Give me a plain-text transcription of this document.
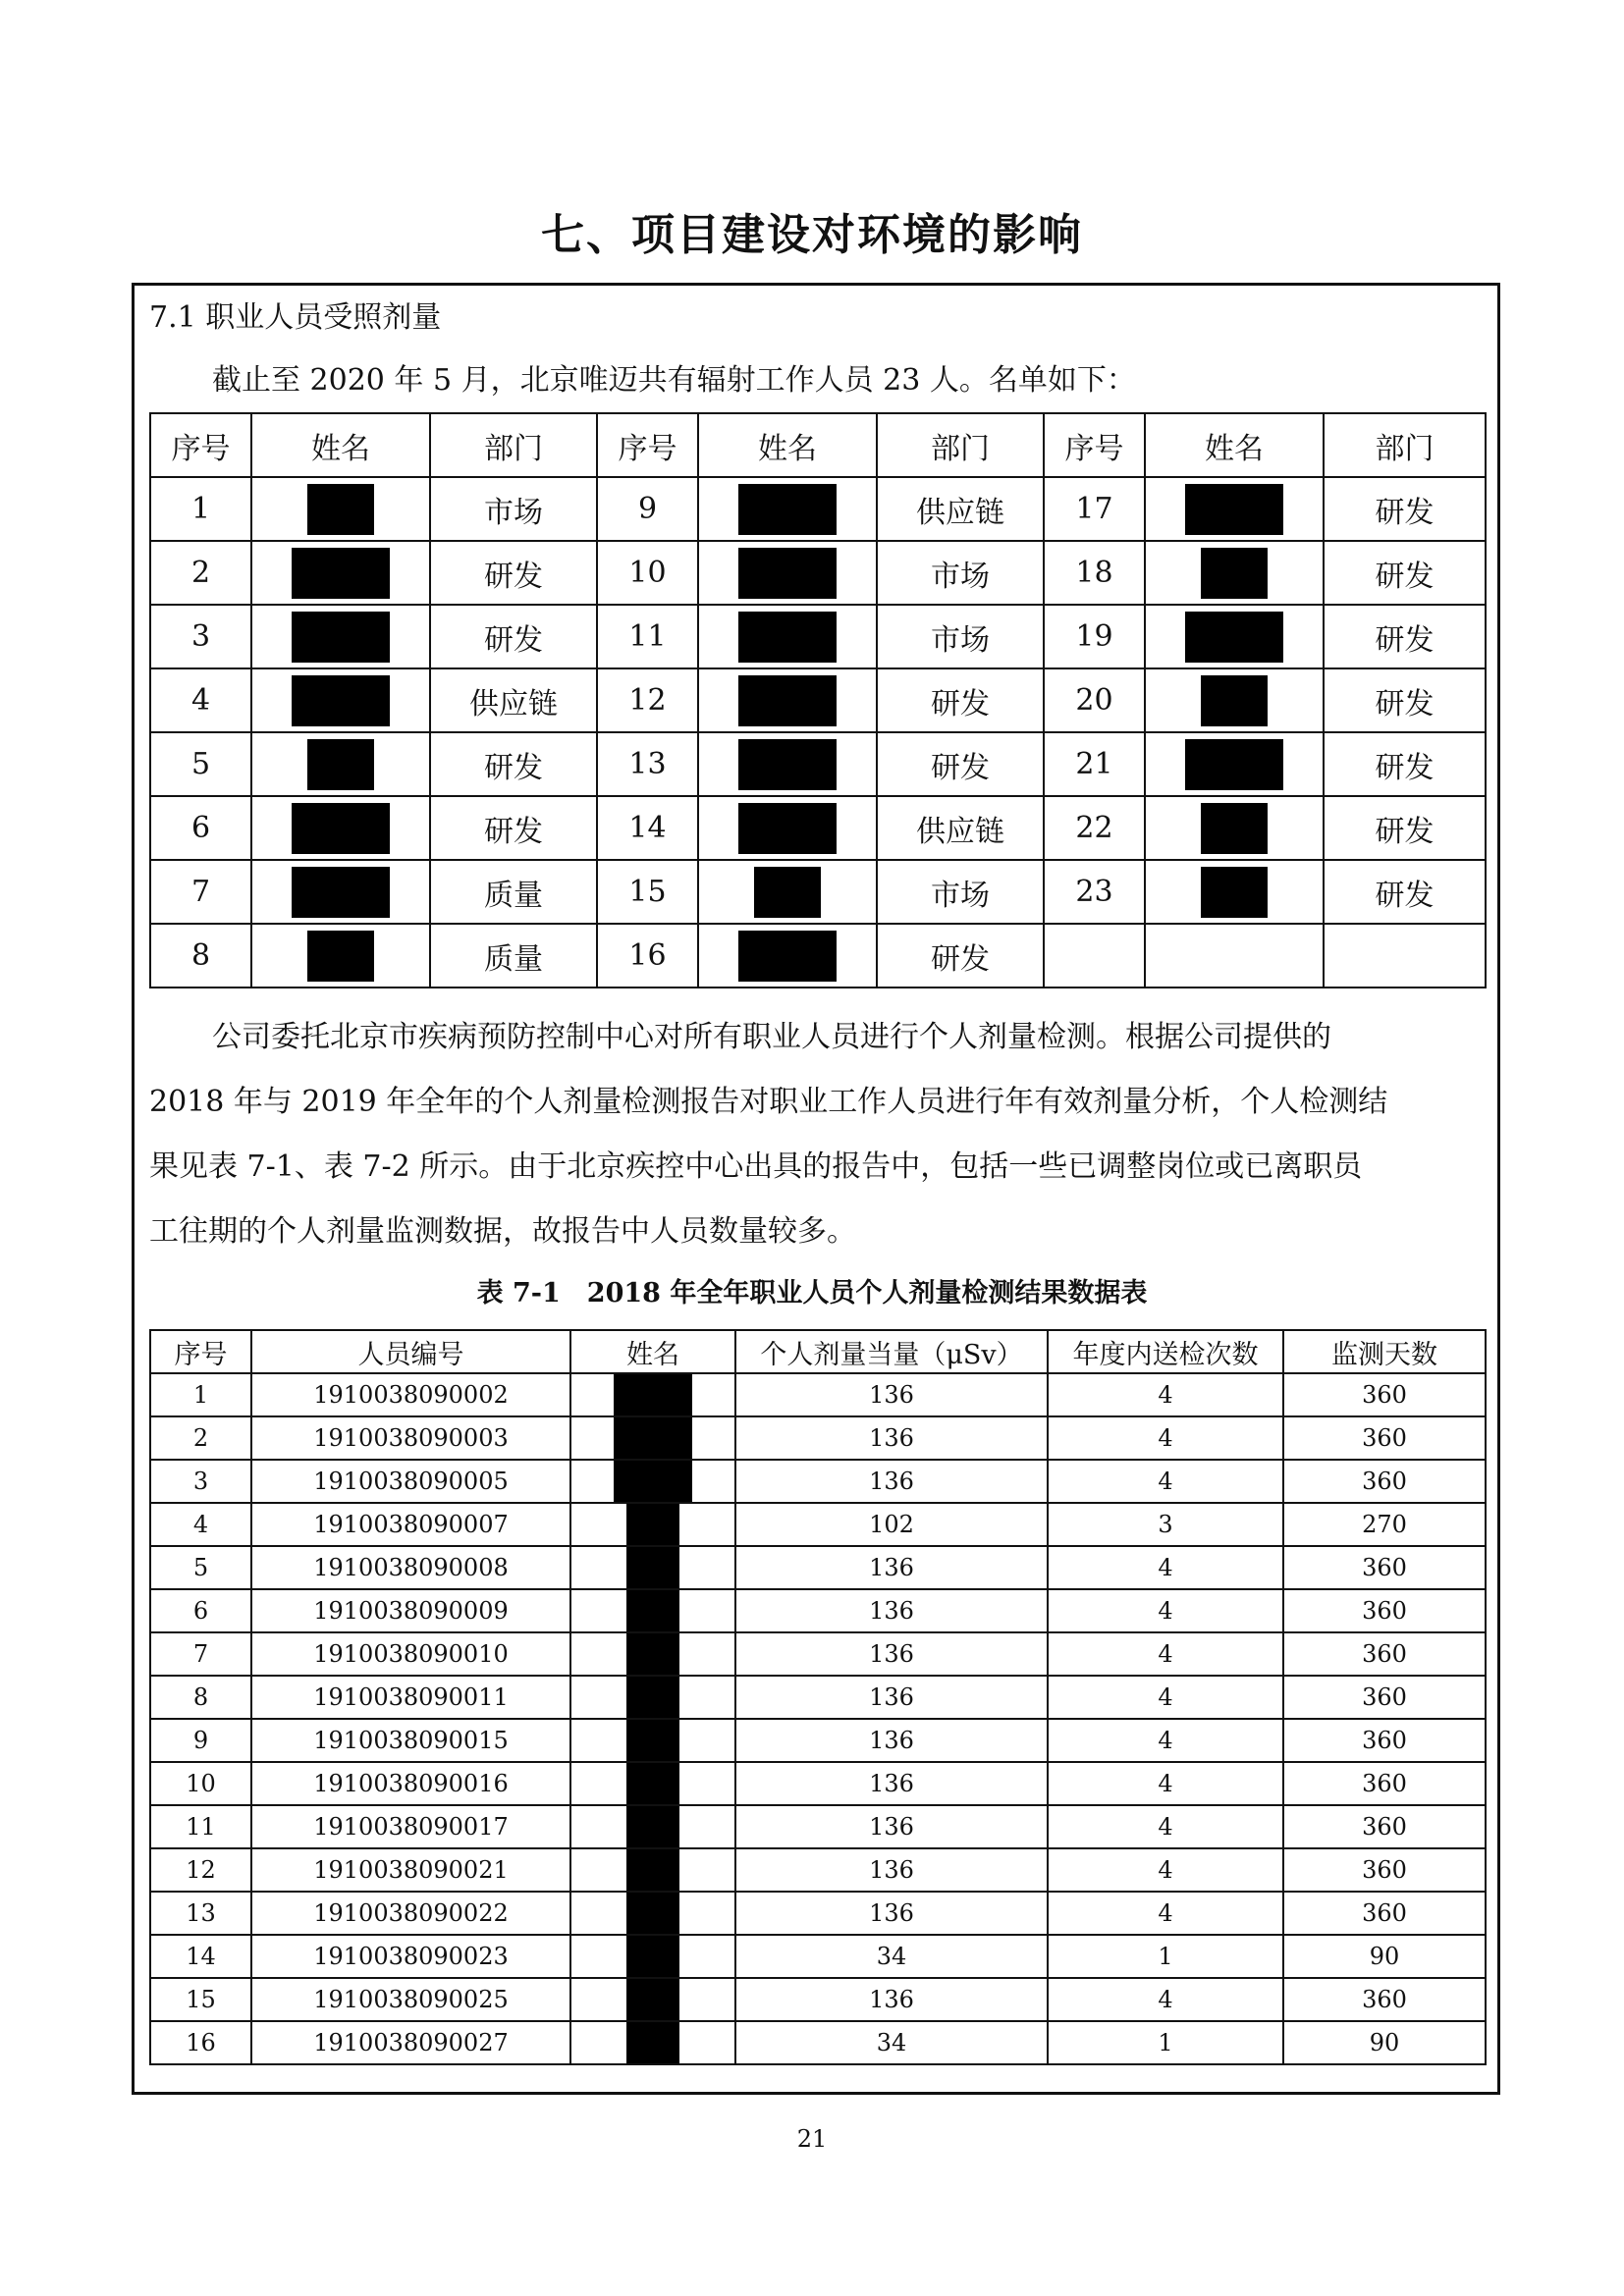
七、项目建设对环境的影响
7.1 职业人员受照剂量
截止至 2020 年 5 月，北京唯迈共有辐射工作人员 23 人。名单如下：
序号	姓名	部门	序号	姓名	部门	序号	姓名	部门
1		市场	9		供应链	17		研发
2		研发	10		市场	18		研发
3		研发	11		市场	19		研发
4		供应链	12		研发	20		研发
5		研发	13		研发	21		研发
6		研发	14		供应链	22		研发
7		质量	15		市场	23		研发
8		质量	16		研发			

公司委托北京市疾病预防控制中心对所有职业人员进行个人剂量检测。根据公司提供的

2018 年与 2019 年全年的个人剂量检测报告对职业工作人员进行年有效剂量分析，个人检测结

果见表 7-1、表 7-2 所示。由于北京疾控中心出具的报告中，包括一些已调整岗位或已离职员

工往期的个人剂量监测数据，故报告中人员数量较多。

表 7-1　2018 年全年职业人员个人剂量检测结果数据表
序号	人员编号	姓名	个人剂量当量（μSv）	年度内送检次数	监测天数
1	1910038090002		136	4	360
2	1910038090003		136	4	360
3	1910038090005		136	4	360
4	1910038090007		102	3	270
5	1910038090008		136	4	360
6	1910038090009		136	4	360
7	1910038090010		136	4	360
8	1910038090011		136	4	360
9	1910038090015		136	4	360
10	1910038090016		136	4	360
11	1910038090017		136	4	360
12	1910038090021		136	4	360
13	1910038090022		136	4	360
14	1910038090023		34	1	90
15	1910038090025		136	4	360
16	1910038090027		34	1	90
21
